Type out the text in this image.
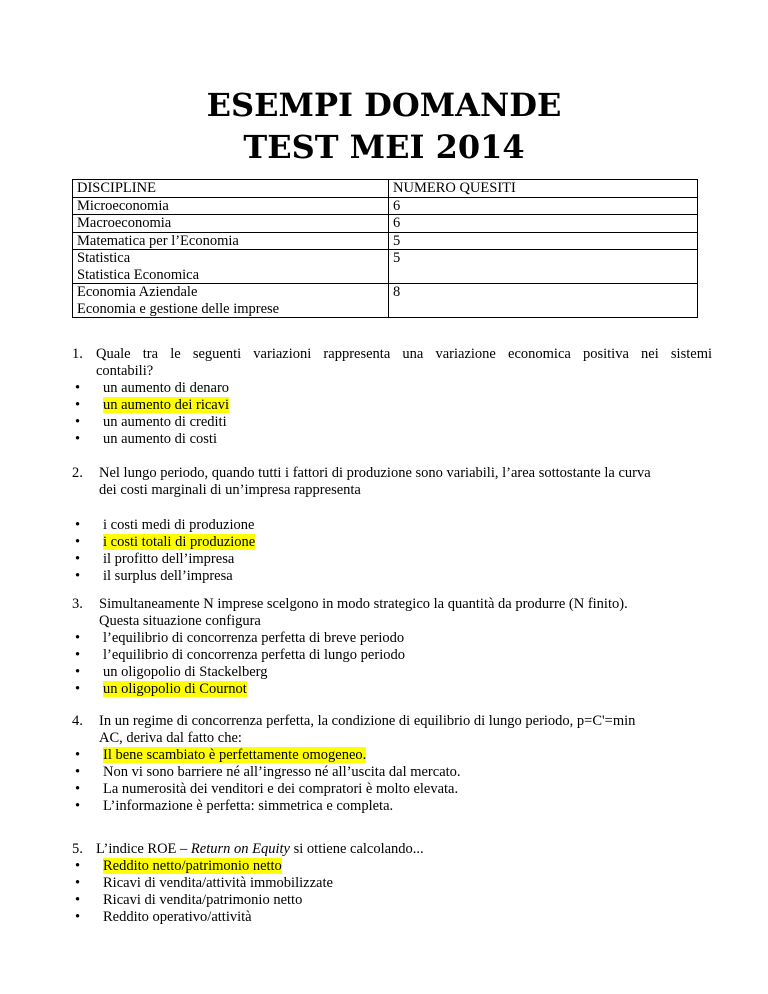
ESEMPI DOMANDE
TEST MEI 2014
DISCIPLINE	NUMERO QUESITI

Microeconomia	6

Macroeconomia	6

Matematica per l’Economia	5

Statistica
Statistica Economica	5

Economia Aziendale
Economia e gestione delle imprese	8
1. Quale tra le seguenti variazioni rappresenta una variazione economica positiva nei sistemi
contabili?
•	un aumento di denaro
•	un aumento dei ricavi
•	un aumento di crediti
•	un aumento di costi
2. Nel lungo periodo, quando tutti i fattori di produzione sono variabili, l’area sottostante la curva
dei costi marginali di un’impresa rappresenta
•	i costi medi di produzione
•	i costi totali di produzione
•	il profitto dell’impresa
•	il surplus dell’impresa
3. Simultaneamente N imprese scelgono in modo strategico la quantità da produrre (N finito).
Questa situazione configura
•	l’equilibrio di concorrenza perfetta di breve periodo
•	l’equilibrio di concorrenza perfetta di lungo periodo
•	un oligopolio di Stackelberg
•	un oligopolio di Cournot
4. In un regime di concorrenza perfetta, la condizione di equilibrio di lungo periodo, p=C'=min
AC, deriva dal fatto che:
•	Il bene scambiato è perfettamente omogeneo.
•	Non vi sono barriere né all’ingresso né all’uscita dal mercato.
•	La numerosità dei venditori e dei compratori è molto elevata.
•	L’informazione è perfetta: simmetrica e completa.
5. L’indice ROE – Return on Equity si ottiene calcolando...
•	Reddito netto/patrimonio netto
•	Ricavi di vendita/attività immobilizzate
•	Ricavi di vendita/patrimonio netto
•	Reddito operativo/attività
